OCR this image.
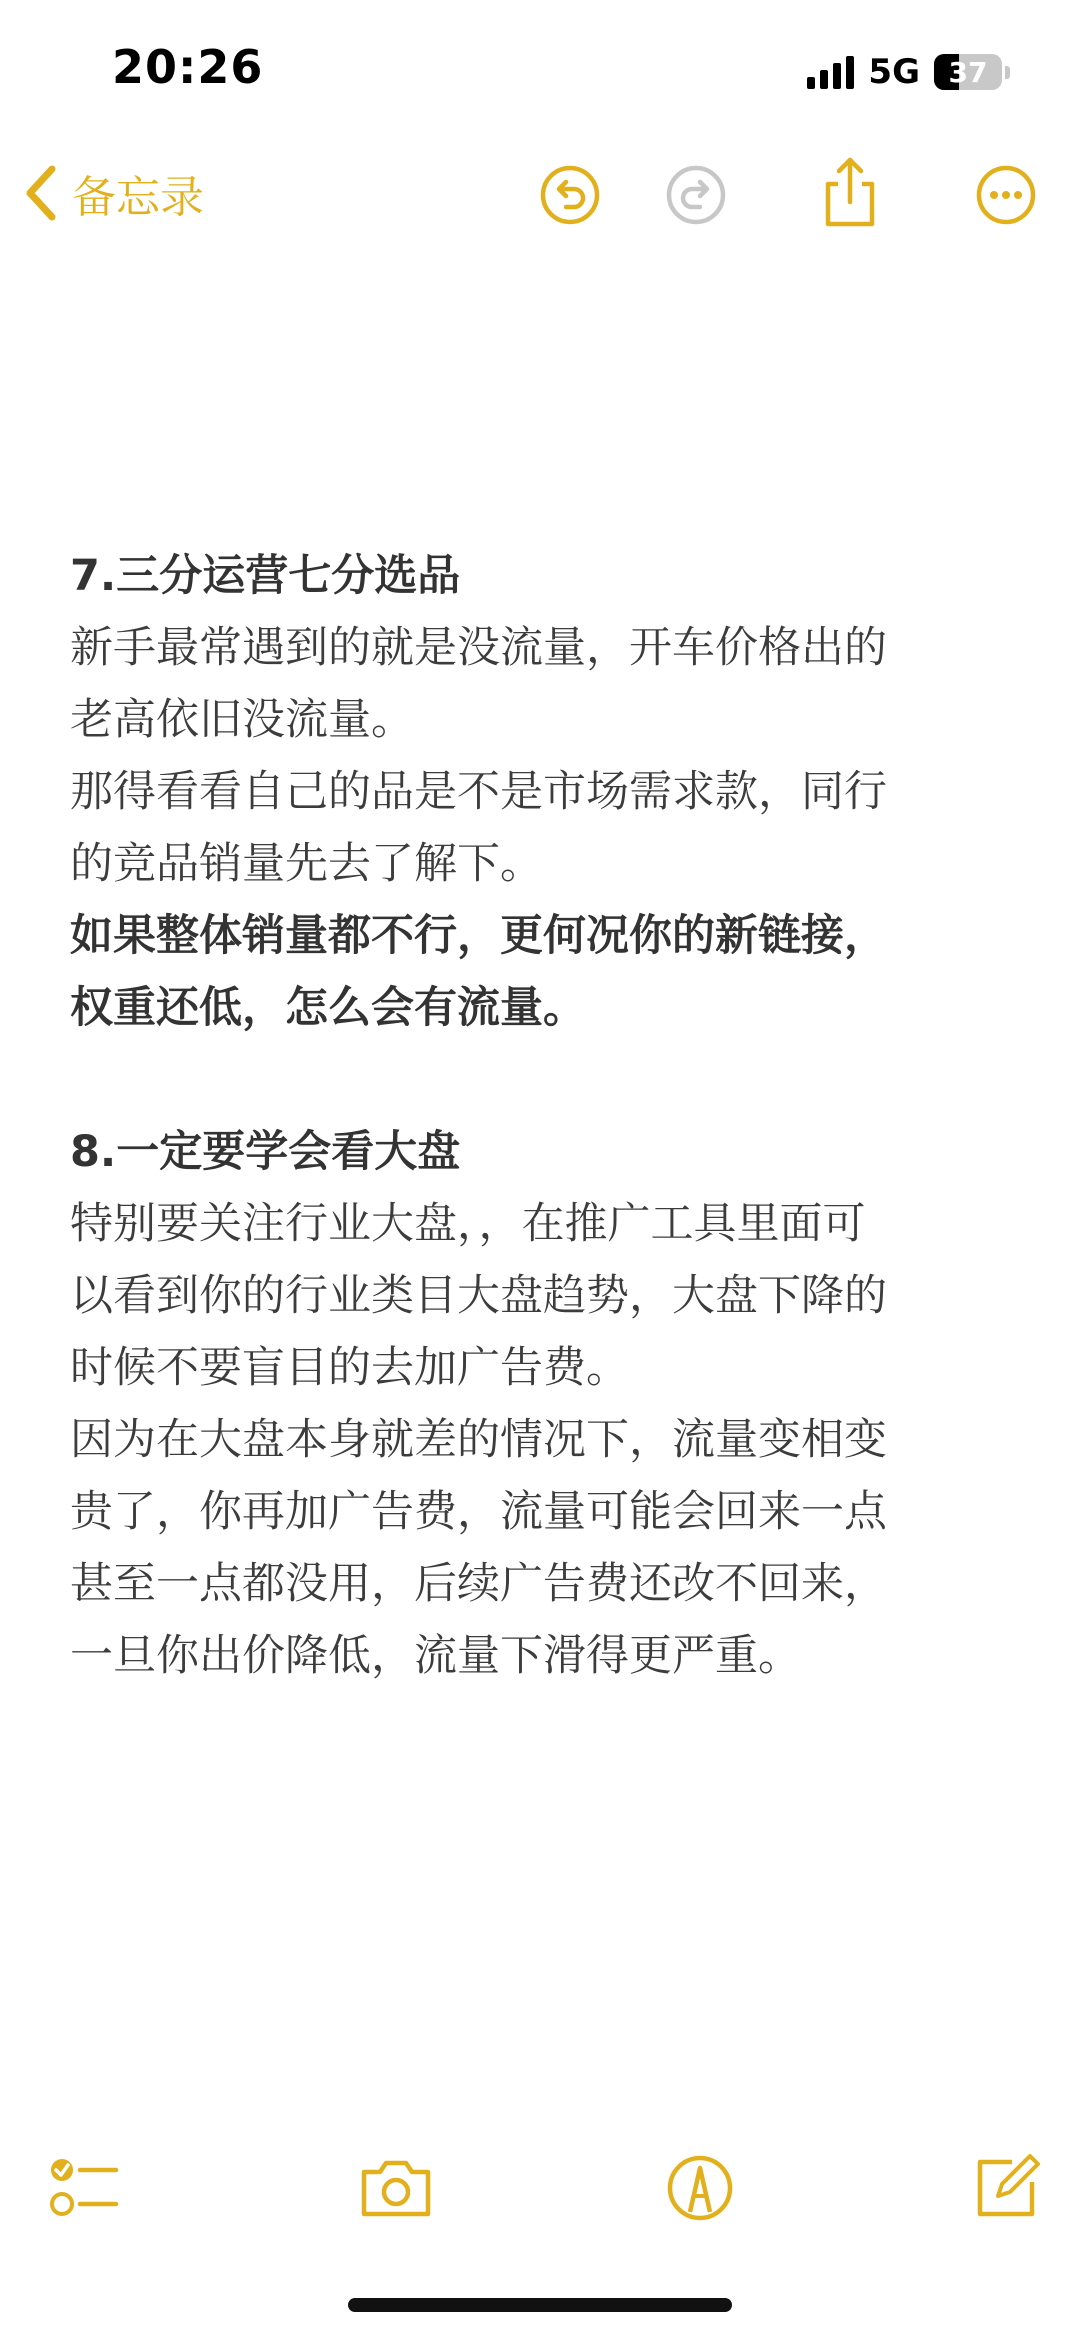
20:26	5G	37
备忘录

7.三分运营七分选品

新手最常遇到的就是没流量，开车价格出的

老高依旧没流量。

那得看看自己的品是不是市场需求款，同行

的竞品销量先去了解下。

如果整体销量都不行，更何况你的新链接，

权重还低，怎么会有流量。

8.一定要学会看大盘

特别要关注行业大盘，，在推广工具里面可

以看到你的行业类目大盘趋势，大盘下降的

时候不要盲目的去加广告费。

因为在大盘本身就差的情况下，流量变相变

贵了，你再加广告费，流量可能会回来一点

甚至一点都没用，后续广告费还改不回来，

一旦你出价降低，流量下滑得更严重。
